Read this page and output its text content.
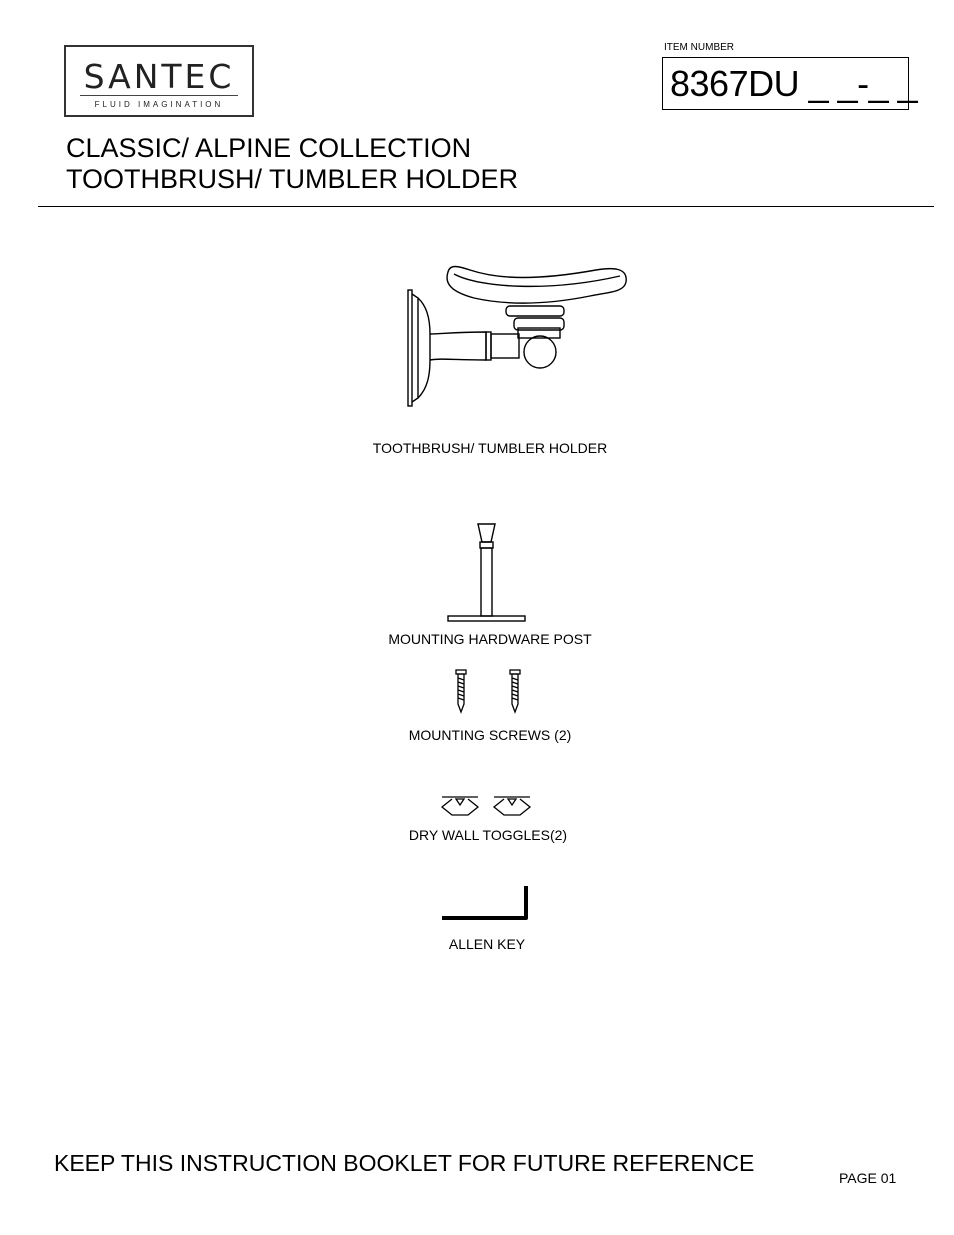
SANTEC
FLUID IMAGINATION
ITEM NUMBER
8367DU _ _-_ _
CLASSIC/ ALPINE COLLECTION
TOOTHBRUSH/ TUMBLER HOLDER
TOOTHBRUSH/ TUMBLER HOLDER
MOUNTING HARDWARE POST
MOUNTING SCREWS (2)
DRY WALL TOGGLES(2)
ALLEN KEY
KEEP THIS INSTRUCTION BOOKLET FOR FUTURE REFERENCE
PAGE 01
